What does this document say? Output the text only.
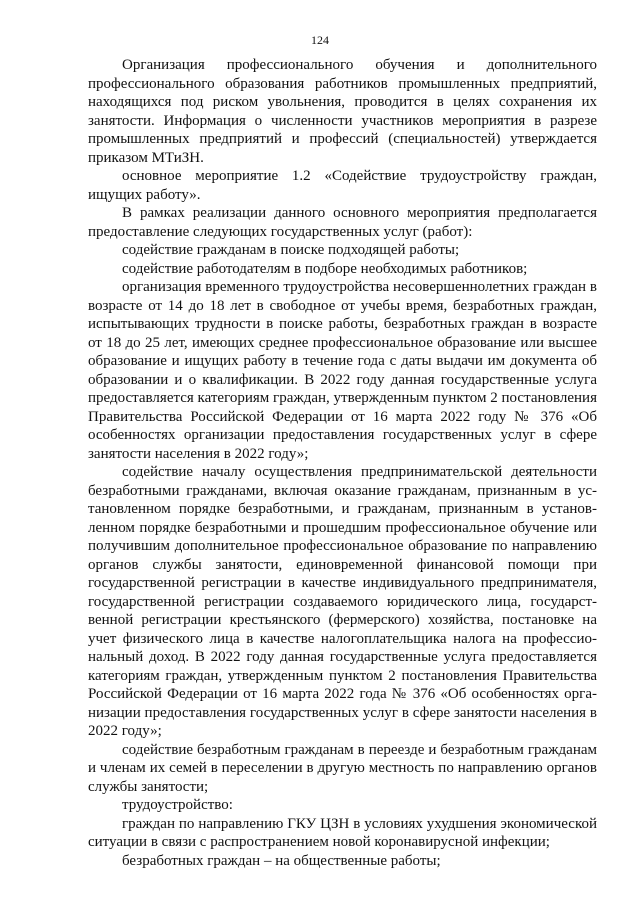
124

Организация профессионального обучения и дополнительного профессионального образования работников промышленных предприятий, находящихся под риском увольнения, проводится в целях сохранения их занятости. Информация о численности участников мероприятия в разрезе промышленных предприятий и профессий (специальностей) утверждается приказом МТиЗН.

основное мероприятие 1.2 «Содействие трудоустройству граждан, ищущих работу».

В рамках реализации данного основного мероприятия предполагается предоставление следующих государственных услуг (работ):

содействие гражданам в поиске подходящей работы;

содействие работодателям в подборе необходимых работников;

организация временного трудоустройства несовершеннолетних граждан в возрасте от 14 до 18 лет в свободное от учебы время, безработных граждан, испытывающих трудности в поиске работы, безработных граждан в возрасте от 18 до 25 лет, имеющих среднее профессиональное образование или высшее образование и ищущих работу в течение года с даты выдачи им документа об образовании и о квалификации. В 2022 году данная государственные услуга предоставляется категориям граждан, утвержденным пунктом 2 постановления Правительства Российской Федерации от 16 марта 2022 году № 376 «Об особенностях организации предоставления государственных услуг в сфере занятости населения в 2022 году»;

содействие началу осуществления предпринимательской деятельности безработными гражданами, включая оказание гражданам, признанным в установленном порядке безработными, и гражданам, признанным в установленном порядке безработными и прошедшим профессиональное обучение или получившим дополнительное профессиональное образование по направлению органов службы занятости, единовременной финансовой помощи при государственной регистрации в качестве индивидуального предпринимателя, государственной регистрации создаваемого юридического лица, государственной регистрации крестьянского (фермерского) хозяйства, постановке на учет физического лица в качестве налогоплательщика налога на профессиональный доход. В 2022 году данная государственные услуга предоставляется категориям граждан, утвержденным пунктом 2 постановления Правительства Российской Федерации от 16 марта 2022 года № 376 «Об особенностях организации предоставления государственных услуг в сфере занятости населения в 2022 году»;

содействие безработным гражданам в переезде и безработным гражданам и членам их семей в переселении в другую местность по направлению органов службы занятости;

трудоустройство:

граждан по направлению ГКУ ЦЗН в условиях ухудшения экономической ситуации в связи с распространением новой коронавирусной инфекции;

безработных граждан – на общественные работы;
